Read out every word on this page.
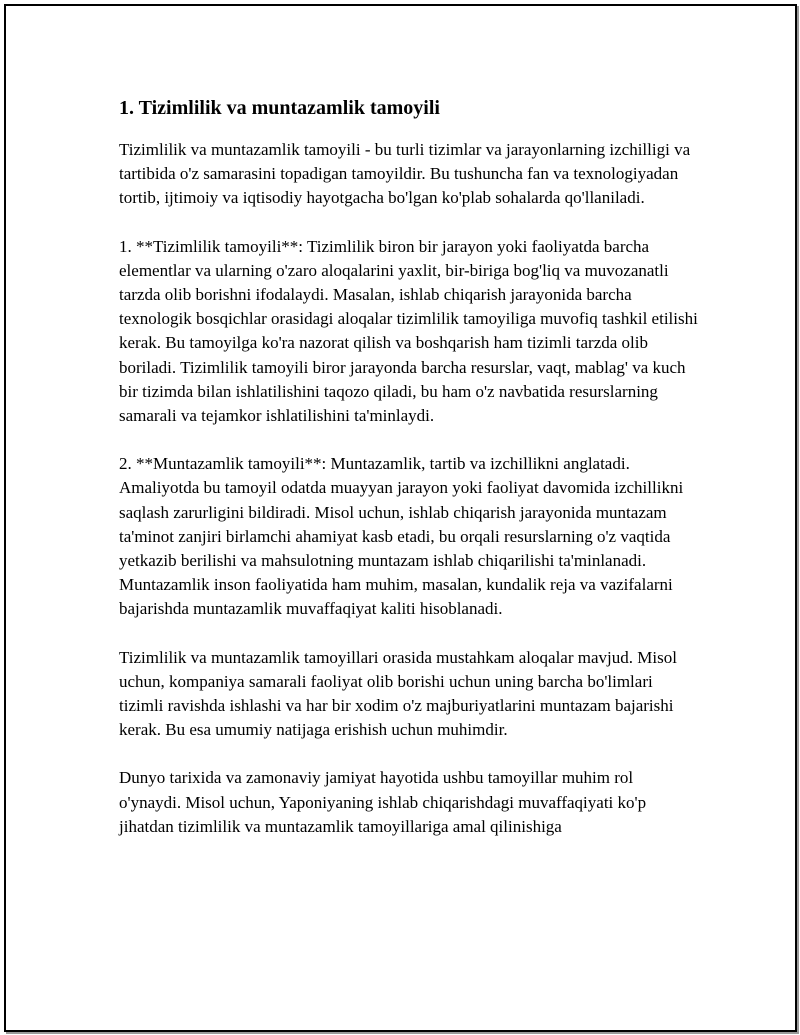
1. Tizimlilik va muntazamlik tamoyili

Tizimlilik va muntazamlik tamoyili - bu turli tizimlar va jarayonlarning izchilligi va tartibida o'z samarasini topadigan tamoyildir. Bu tushuncha fan va texnologiyadan tortib, ijtimoiy va iqtisodiy hayotgacha bo'lgan ko'plab sohalarda qo'llaniladi.

1. **Tizimlilik tamoyili**: Tizimlilik biron bir jarayon yoki faoliyatda barcha elementlar va ularning o'zaro aloqalarini yaxlit, bir-biriga bog'liq va muvozanatli tarzda olib borishni ifodalaydi. Masalan, ishlab chiqarish jarayonida barcha texnologik bosqichlar orasidagi aloqalar tizimlilik tamoyiliga muvofiq tashkil etilishi kerak. Bu tamoyilga ko'ra nazorat qilish va boshqarish ham tizimli tarzda olib boriladi. Tizimlilik tamoyili biror jarayonda barcha resurslar, vaqt, mablag' va kuch bir tizimda bilan ishlatilishini taqozo qiladi, bu ham o'z navbatida resurslarning samarali va tejamkor ishlatilishini ta'minlaydi.

2. **Muntazamlik tamoyili**: Muntazamlik, tartib va izchillikni anglatadi. Amaliyotda bu tamoyil odatda muayyan jarayon yoki faoliyat davomida izchillikni saqlash zarurligini bildiradi. Misol uchun, ishlab chiqarish jarayonida muntazam ta'minot zanjiri birlamchi ahamiyat kasb etadi, bu orqali resurslarning o'z vaqtida yetkazib berilishi va mahsulotning muntazam ishlab chiqarilishi ta'minlanadi. Muntazamlik inson faoliyatida ham muhim, masalan, kundalik reja va vazifalarni bajarishda muntazamlik muvaffaqiyat kaliti hisoblanadi.

Tizimlilik va muntazamlik tamoyillari orasida mustahkam aloqalar mavjud. Misol uchun, kompaniya samarali faoliyat olib borishi uchun uning barcha bo'limlari tizimli ravishda ishlashi va har bir xodim o'z majburiyatlarini muntazam bajarishi kerak. Bu esa umumiy natijaga erishish uchun muhimdir.

Dunyo tarixida va zamonaviy jamiyat hayotida ushbu tamoyillar muhim rol o'ynaydi. Misol uchun, Yaponiyaning ishlab chiqarishdagi muvaffaqiyati ko'p jihatdan tizimlilik va muntazamlik tamoyillariga amal qilinishiga
